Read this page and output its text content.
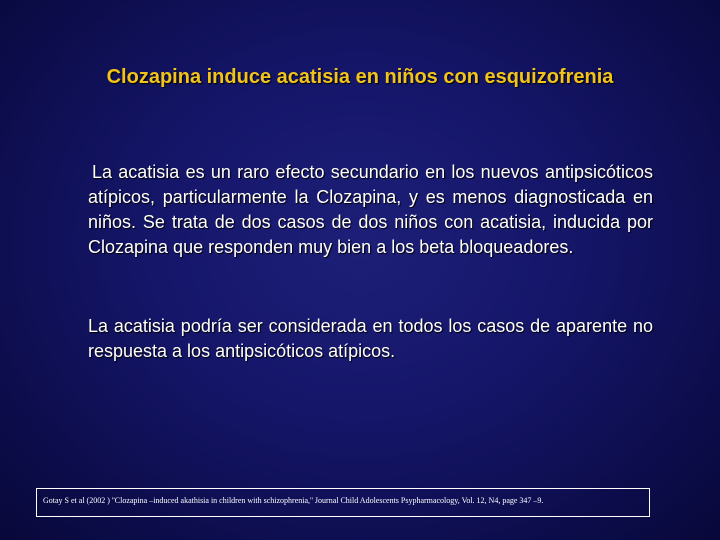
Clozapina induce acatisia en niños con esquizofrenia

La acatisia es un raro efecto secundario en los nuevos antipsicóticos atípicos, particularmente la Clozapina, y es menos diagnosticada en niños. Se trata de dos casos de dos niños con acatisia, inducida por Clozapina que responden muy bien a los beta bloqueadores.

La acatisia podría ser considerada en todos los casos de aparente no respuesta a los antipsicóticos atípicos.

Gotay S et al (2002 ) ''Clozapina –induced akathisia in children with schizophrenia,'' Journal Child Adolescents Psypharmacology, Vol. 12, N4, page 347 –9.
